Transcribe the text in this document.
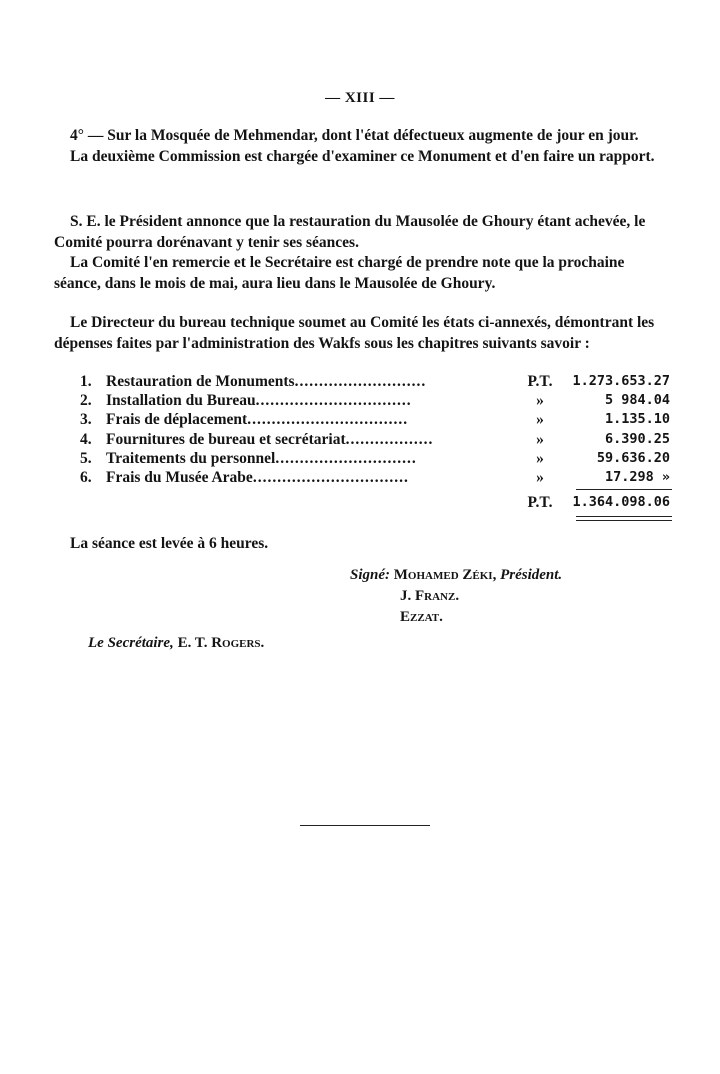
— XIII —

4° — Sur la Mosquée de Mehmendar, dont l'état défectueux augmente de jour en jour.

La deuxième Commission est chargée d'examiner ce Monument et d'en faire un rapport.

S. E. le Président annonce que la restauration du Mausolée de Ghoury étant achevée, le Comité pourra dorénavant y tenir ses séances.

La Comité l'en remercie et le Secrétaire est chargé de prendre note que la prochaine séance, dans le mois de mai, aura lieu dans le Mausolée de Ghoury.

Le Directeur du bureau technique soumet au Comité les états ci-annexés, démontrant les dépenses faites par l'administration des Wakfs sous les chapitres suivants savoir :

1. Restauration de Monuments...........................	P.T.	1.273.653.27
2. Installation du Bureau................................	»	5 984.04
3. Frais de déplacement.................................	»	1.135.10
4. Fournitures de bureau et secrétariat..................	»	6.390.25
5. Traitements du personnel.............................	»	59.636.20
6. Frais du Musée Arabe................................	»	17.298 »
P.T.	1.364.098.06

La séance est levée à 6 heures.

Signé: Mohamed Zéki, Président.
J. Franz.
Ezzat.
Le Secrétaire, E. T. Rogers.
